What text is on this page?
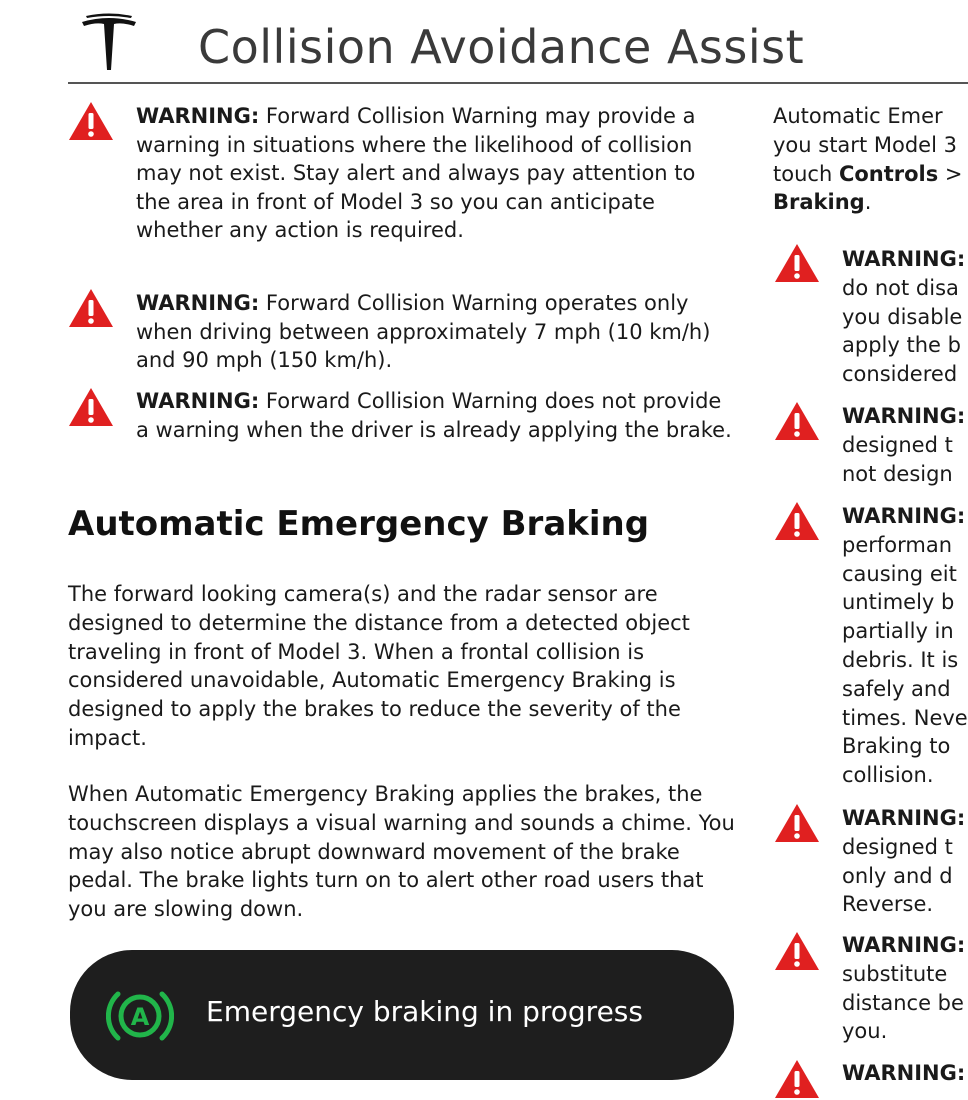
Collision Avoidance Assist

WARNING: Forward Collision Warning may provide a warning in situations where the likelihood of collision may not exist. Stay alert and always pay attention to the area in front of Model 3 so you can anticipate whether any action is required.

WARNING: Forward Collision Warning operates only when driving between approximately 7 mph (10 km/h) and 90 mph (150 km/h).

WARNING: Forward Collision Warning does not provide a warning when the driver is already applying the brake.

Automatic Emergency Braking

The forward looking camera(s) and the radar sensor are designed to determine the distance from a detected object traveling in front of Model 3. When a frontal collision is considered unavoidable, Automatic Emergency Braking is designed to apply the brakes to reduce the severity of the impact.

When Automatic Emergency Braking applies the brakes, the touchscreen displays a visual warning and sounds a chime. You may also notice abrupt downward movement of the brake pedal. The brake lights turn on to alert other road users that you are slowing down.

A Emergency braking in progress

Automatic Emer
you start Model 3
touch Controls >
Braking.

WARNING:
do not disa
you disable
apply the b
considered

WARNING:
designed t
not design

WARNING:
performan
causing eit
untimely b
partially in
debris. It is
safely and
times. Neve
Braking to
collision.

WARNING:
designed t
only and d
Reverse.

WARNING:
substitute
distance be
you.

WARNING:
